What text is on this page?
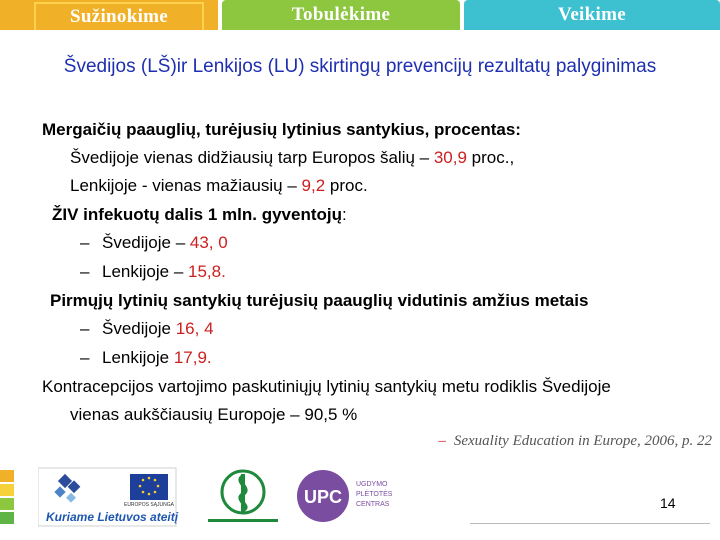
Sužinokime	Tobulėkime	Veikime
Švedijos (LŠ)ir Lenkijos (LU) skirtingų prevencijų rezultatų palyginimas
Mergaičių paauglių, turėjusių lytinius santykius, procentas:
Švedijoje vienas didžiausių tarp Europos šalių – 30,9 proc.,
Lenkijoje - vienas mažiausių – 9,2 proc.
ŽIV infekuotų dalis 1 mln. gyventojų:
– Švedijoje – 43, 0
– Lenkijoje – 15,8.
Pirmųjų lytinių santykių turėjusių paauglių vidutinis amžius metais
– Švedijoje 16, 4
– Lenkijoje 17,9.
Kontracepcijos vartojimo paskutiniųjų lytinių santykių metu rodiklis Švedijoje
vienas aukščiausių Europoje – 90,5 %
– Sexuality Education in Europe, 2006, p. 22
EUROPOS SĄJUNGA
Kuriame Lietuvos ateitį
UPC
UGDYMO
PLĖTOTĖS
CENTRAS	14
